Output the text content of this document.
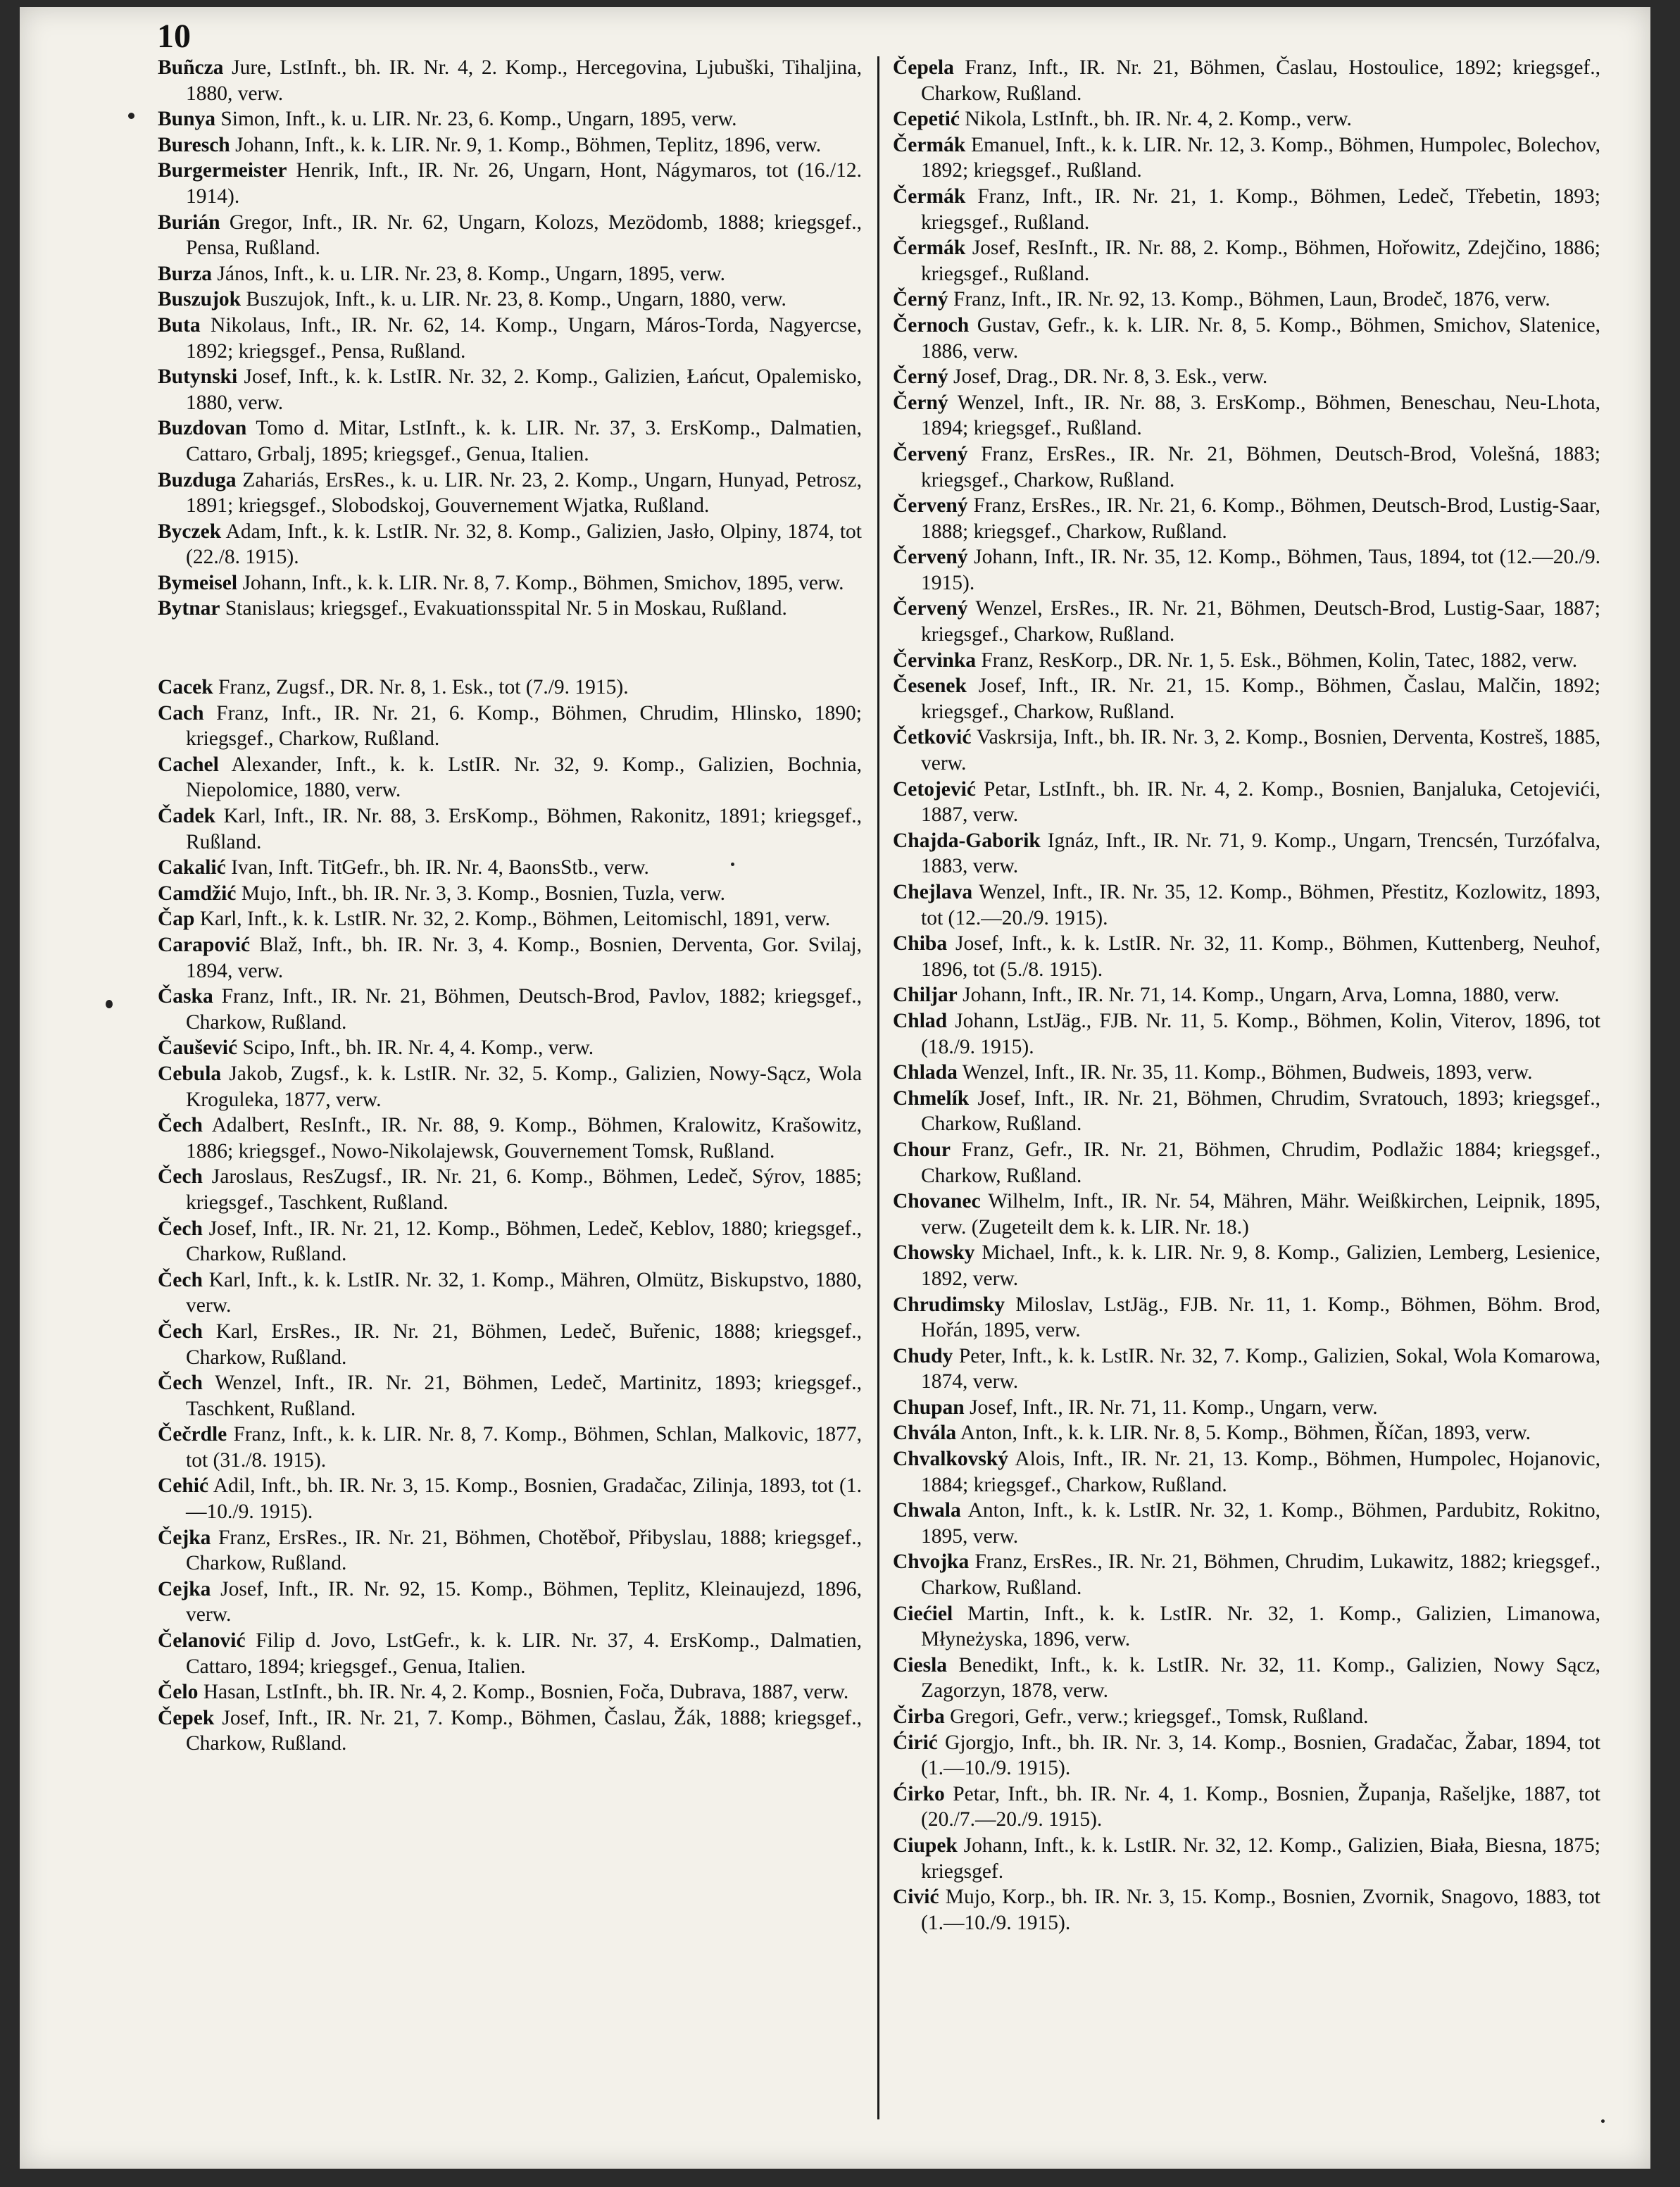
10

Buñcza Jure, LstInft., bh. IR. Nr. 4, 2. Komp., Hercegovina, Ljubuški, Tihaljina, 1880, verw.

Bunya Simon, Inft., k. u. LIR. Nr. 23, 6. Komp., Ungarn, 1895, verw.

Buresch Johann, Inft., k. k. LIR. Nr. 9, 1. Komp., Böhmen, Teplitz, 1896, verw.

Burgermeister Henrik, Inft., IR. Nr. 26, Ungarn, Hont, Nágymaros, tot (16./12. 1914).

Burián Gregor, Inft., IR. Nr. 62, Ungarn, Kolozs, Mezödomb, 1888; kriegsgef., Pensa, Rußland.

Burza János, Inft., k. u. LIR. Nr. 23, 8. Komp., Ungarn, 1895, verw.

Buszujok Buszujok, Inft., k. u. LIR. Nr. 23, 8. Komp., Ungarn, 1880, verw.

Buta Nikolaus, Inft., IR. Nr. 62, 14. Komp., Ungarn, Máros-Torda, Nagyercse, 1892; kriegsgef., Pensa, Rußland.

Butynski Josef, Inft., k. k. LstIR. Nr. 32, 2. Komp., Galizien, Łańcut, Opalemisko, 1880, verw.

Buzdovan Tomo d. Mitar, LstInft., k. k. LIR. Nr. 37, 3. ErsKomp., Dalmatien, Cattaro, Grbalj, 1895; kriegsgef., Genua, Italien.

Buzduga Zahariás, ErsRes., k. u. LIR. Nr. 23, 2. Komp., Ungarn, Hunyad, Petrosz, 1891; kriegsgef., Slobodskoj, Gouvernement Wjatka, Rußland.

Byczek Adam, Inft., k. k. LstIR. Nr. 32, 8. Komp., Galizien, Jasło, Olpiny, 1874, tot (22./8. 1915).

Bymeisel Johann, Inft., k. k. LIR. Nr. 8, 7. Komp., Böhmen, Smichov, 1895, verw.

Bytnar Stanislaus; kriegsgef., Evakuationsspital Nr. 5 in Moskau, Rußland.

Cacek Franz, Zugsf., DR. Nr. 8, 1. Esk., tot (7./9. 1915).

Cach Franz, Inft., IR. Nr. 21, 6. Komp., Böhmen, Chrudim, Hlinsko, 1890; kriegsgef., Charkow, Rußland.

Cachel Alexander, Inft., k. k. LstIR. Nr. 32, 9. Komp., Galizien, Bochnia, Niepolomice, 1880, verw.

Čadek Karl, Inft., IR. Nr. 88, 3. ErsKomp., Böhmen, Rakonitz, 1891; kriegsgef., Rußland.

Cakalić Ivan, Inft. TitGefr., bh. IR. Nr. 4, BaonsStb., verw.

Camdžić Mujo, Inft., bh. IR. Nr. 3, 3. Komp., Bosnien, Tuzla, verw.

Čap Karl, Inft., k. k. LstIR. Nr. 32, 2. Komp., Böhmen, Leitomischl, 1891, verw.

Carapović Blaž, Inft., bh. IR. Nr. 3, 4. Komp., Bosnien, Derventa, Gor. Svilaj, 1894, verw.

Časka Franz, Inft., IR. Nr. 21, Böhmen, Deutsch-Brod, Pavlov, 1882; kriegsgef., Charkow, Rußland.

Čaušević Scipo, Inft., bh. IR. Nr. 4, 4. Komp., verw.

Cebula Jakob, Zugsf., k. k. LstIR. Nr. 32, 5. Komp., Galizien, Nowy-Sącz, Wola Kroguleka, 1877, verw.

Čech Adalbert, ResInft., IR. Nr. 88, 9. Komp., Böhmen, Kralowitz, Krašowitz, 1886; kriegsgef., Nowo-Nikolajewsk, Gouvernement Tomsk, Rußland.

Čech Jaroslaus, ResZugsf., IR. Nr. 21, 6. Komp., Böhmen, Ledeč, Sýrov, 1885; kriegsgef., Taschkent, Rußland.

Čech Josef, Inft., IR. Nr. 21, 12. Komp., Böhmen, Ledeč, Keblov, 1880; kriegsgef., Charkow, Rußland.

Čech Karl, Inft., k. k. LstIR. Nr. 32, 1. Komp., Mähren, Olmütz, Biskupstvo, 1880, verw.

Čech Karl, ErsRes., IR. Nr. 21, Böhmen, Ledeč, Buřenic, 1888; kriegsgef., Charkow, Rußland.

Čech Wenzel, Inft., IR. Nr. 21, Böhmen, Ledeč, Martinitz, 1893; kriegsgef., Taschkent, Rußland.

Čečrdle Franz, Inft., k. k. LIR. Nr. 8, 7. Komp., Böhmen, Schlan, Malkovic, 1877, tot (31./8. 1915).

Cehić Adil, Inft., bh. IR. Nr. 3, 15. Komp., Bosnien, Gradačac, Zilinja, 1893, tot (1.—10./9. 1915).

Čejka Franz, ErsRes., IR. Nr. 21, Böhmen, Chotěboř, Přibyslau, 1888; kriegsgef., Charkow, Rußland.

Cejka Josef, Inft., IR. Nr. 92, 15. Komp., Böhmen, Teplitz, Kleinaujezd, 1896, verw.

Čelanović Filip d. Jovo, LstGefr., k. k. LIR. Nr. 37, 4. ErsKomp., Dalmatien, Cattaro, 1894; kriegsgef., Genua, Italien.

Čelo Hasan, LstInft., bh. IR. Nr. 4, 2. Komp., Bosnien, Foča, Dubrava, 1887, verw.

Čepek Josef, Inft., IR. Nr. 21, 7. Komp., Böhmen, Časlau, Žák, 1888; kriegsgef., Charkow, Rußland.

Čepela Franz, Inft., IR. Nr. 21, Böhmen, Časlau, Hostoulice, 1892; kriegsgef., Charkow, Rußland.

Cepetić Nikola, LstInft., bh. IR. Nr. 4, 2. Komp., verw.

Čermák Emanuel, Inft., k. k. LIR. Nr. 12, 3. Komp., Böhmen, Humpolec, Bolechov, 1892; kriegsgef., Rußland.

Čermák Franz, Inft., IR. Nr. 21, 1. Komp., Böhmen, Ledeč, Třebetin, 1893; kriegsgef., Rußland.

Čermák Josef, ResInft., IR. Nr. 88, 2. Komp., Böhmen, Hořowitz, Zdejčino, 1886; kriegsgef., Rußland.

Černý Franz, Inft., IR. Nr. 92, 13. Komp., Böhmen, Laun, Brodeč, 1876, verw.

Černoch Gustav, Gefr., k. k. LIR. Nr. 8, 5. Komp., Böhmen, Smichov, Slatenice, 1886, verw.

Černý Josef, Drag., DR. Nr. 8, 3. Esk., verw.

Černý Wenzel, Inft., IR. Nr. 88, 3. ErsKomp., Böhmen, Beneschau, Neu-Lhota, 1894; kriegsgef., Rußland.

Červený Franz, ErsRes., IR. Nr. 21, Böhmen, Deutsch-Brod, Volešná, 1883; kriegsgef., Charkow, Rußland.

Červený Franz, ErsRes., IR. Nr. 21, 6. Komp., Böhmen, Deutsch-Brod, Lustig-Saar, 1888; kriegsgef., Charkow, Rußland.

Červený Johann, Inft., IR. Nr. 35, 12. Komp., Böhmen, Taus, 1894, tot (12.—20./9. 1915).

Červený Wenzel, ErsRes., IR. Nr. 21, Böhmen, Deutsch-Brod, Lustig-Saar, 1887; kriegsgef., Charkow, Rußland.

Červinka Franz, ResKorp., DR. Nr. 1, 5. Esk., Böhmen, Kolin, Tatec, 1882, verw.

Česenek Josef, Inft., IR. Nr. 21, 15. Komp., Böhmen, Časlau, Malčin, 1892; kriegsgef., Charkow, Rußland.

Četković Vaskrsija, Inft., bh. IR. Nr. 3, 2. Komp., Bosnien, Derventa, Kostreš, 1885, verw.

Cetojević Petar, LstInft., bh. IR. Nr. 4, 2. Komp., Bosnien, Banjaluka, Cetojevići, 1887, verw.

Chajda-Gaborik Ignáz, Inft., IR. Nr. 71, 9. Komp., Ungarn, Trencsén, Turzófalva, 1883, verw.

Chejlava Wenzel, Inft., IR. Nr. 35, 12. Komp., Böhmen, Přestitz, Kozlowitz, 1893, tot (12.—20./9. 1915).

Chiba Josef, Inft., k. k. LstIR. Nr. 32, 11. Komp., Böhmen, Kuttenberg, Neuhof, 1896, tot (5./8. 1915).

Chiljar Johann, Inft., IR. Nr. 71, 14. Komp., Ungarn, Arva, Lomna, 1880, verw.

Chlad Johann, LstJäg., FJB. Nr. 11, 5. Komp., Böhmen, Kolin, Viterov, 1896, tot (18./9. 1915).

Chlada Wenzel, Inft., IR. Nr. 35, 11. Komp., Böhmen, Budweis, 1893, verw.

Chmelík Josef, Inft., IR. Nr. 21, Böhmen, Chrudim, Svratouch, 1893; kriegsgef., Charkow, Rußland.

Chour Franz, Gefr., IR. Nr. 21, Böhmen, Chrudim, Podlažic 1884; kriegsgef., Charkow, Rußland.

Chovanec Wilhelm, Inft., IR. Nr. 54, Mähren, Mähr. Weißkirchen, Leipnik, 1895, verw. (Zugeteilt dem k. k. LIR. Nr. 18.)

Chowsky Michael, Inft., k. k. LIR. Nr. 9, 8. Komp., Galizien, Lemberg, Lesienice, 1892, verw.

Chrudimsky Miloslav, LstJäg., FJB. Nr. 11, 1. Komp., Böhmen, Böhm. Brod, Hořán, 1895, verw.

Chudy Peter, Inft., k. k. LstIR. Nr. 32, 7. Komp., Galizien, Sokal, Wola Komarowa, 1874, verw.

Chupan Josef, Inft., IR. Nr. 71, 11. Komp., Ungarn, verw.

Chvála Anton, Inft., k. k. LIR. Nr. 8, 5. Komp., Böhmen, Říčan, 1893, verw.

Chvalkovský Alois, Inft., IR. Nr. 21, 13. Komp., Böhmen, Humpolec, Hojanovic, 1884; kriegsgef., Charkow, Rußland.

Chwala Anton, Inft., k. k. LstIR. Nr. 32, 1. Komp., Böhmen, Pardubitz, Rokitno, 1895, verw.

Chvojka Franz, ErsRes., IR. Nr. 21, Böhmen, Chrudim, Lukawitz, 1882; kriegsgef., Charkow, Rußland.

Ciećiel Martin, Inft., k. k. LstIR. Nr. 32, 1. Komp., Galizien, Limanowa, Młyneżyska, 1896, verw.

Ciesla Benedikt, Inft., k. k. LstIR. Nr. 32, 11. Komp., Galizien, Nowy Sącz, Zagorzyn, 1878, verw.

Čirba Gregori, Gefr., verw.; kriegsgef., Tomsk, Rußland.

Ćirić Gjorgjo, Inft., bh. IR. Nr. 3, 14. Komp., Bosnien, Gradačac, Žabar, 1894, tot (1.—10./9. 1915).

Ćirko Petar, Inft., bh. IR. Nr. 4, 1. Komp., Bosnien, Županja, Rašeljke, 1887, tot (20./7.—20./9. 1915).

Ciupek Johann, Inft., k. k. LstIR. Nr. 32, 12. Komp., Galizien, Biała, Biesna, 1875; kriegsgef.

Civić Mujo, Korp., bh. IR. Nr. 3, 15. Komp., Bosnien, Zvornik, Snagovo, 1883, tot (1.—10./9. 1915).
